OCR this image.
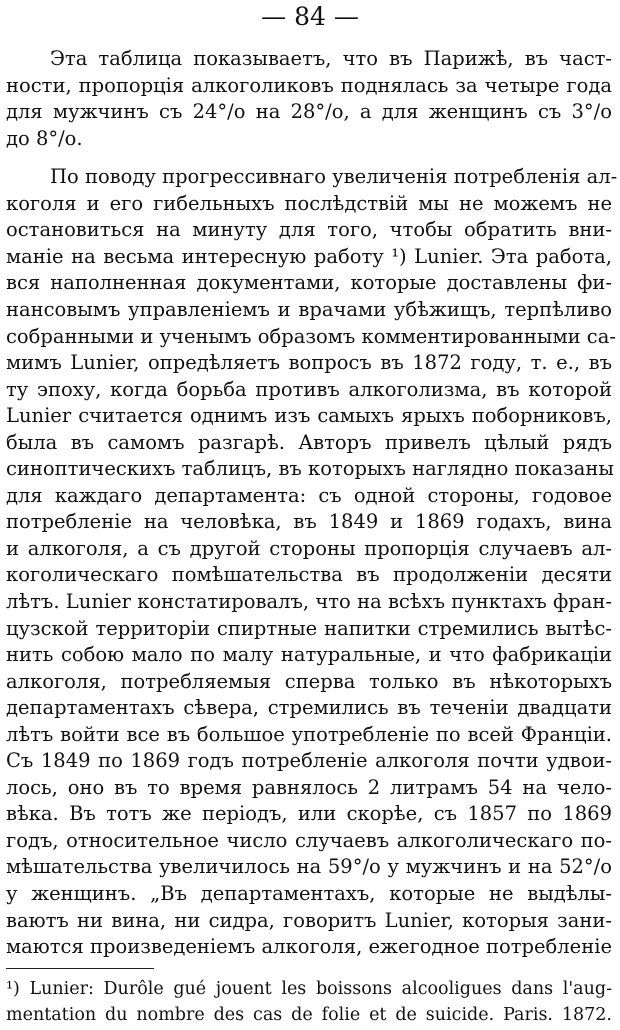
— 84 —
Эта таблица показываетъ, что въ Парижѣ, въ част-
ности, пропорція алкоголиковъ поднялась за четыре года
для мужчинъ съ 24°/о на 28°/о, а для женщинъ съ 3°/о
до 8°/о.
По поводу прогрессивнаго увеличенія потребленія ал-
коголя и его гибельныхъ послѣдствій мы не можемъ не
остановиться на минуту для того, чтобы обратить вни-
маніе на весьма интересную работу ¹) Lunier. Эта работа,
вся наполненная документами, которые доставлены фи-
нансовымъ управленіемъ и врачами убѣжищъ, терпѣливо
собранными и ученымъ образомъ комментированными са-
мимъ Lunier, опредѣляетъ вопросъ въ 1872 году, т. е., въ
ту эпоху, когда борьба противъ алкоголизма, въ которой
Lunier считается однимъ изъ самыхъ ярыхъ поборниковъ,
была въ самомъ разгарѣ. Авторъ привелъ цѣлый рядъ
синоптическихъ таблицъ, въ которыхъ наглядно показаны
для каждаго департамента: съ одной стороны, годовое
потребленіе на человѣка, въ 1849 и 1869 годахъ, вина
и алкоголя, а съ другой стороны пропорція случаевъ ал-
коголическаго помѣшательства въ продолженіи десяти
лѣтъ. Lunier констатировалъ, что на всѣхъ пунктахъ фран-
цузской территоріи спиртные напитки стремились вытѣс-
нить собою мало по малу натуральные, и что фабрикаціи
алкоголя, потребляемыя сперва только въ нѣкоторыхъ
департаментахъ сѣвера, стремились въ теченіи двадцати
лѣтъ войти все въ большое употребленіе по всей Франціи.
Съ 1849 по 1869 годъ потребленіе алкоголя почти удвои-
лось, оно въ то время равнялось 2 литрамъ 54 на чело-
вѣка. Въ тотъ же періодъ, или скорѣе, съ 1857 по 1869
годъ, относительное число случаевъ алкоголическаго по-
мѣшательства увеличилось на 59°/о у мужчинъ и на 52°/о
у женщинъ. „Въ департаментахъ, которые не выдѣлы-
ваютъ ни вина, ни сидра, говоритъ Lunier, которыя зани-
маются произведеніемъ алкоголя, ежегодное потребленіе
¹) Lunier: Durôle gué jouent les boissons alcooligues dans l'aug-
mentation du nombre des cas de folie et de suicide. Paris. 1872.
